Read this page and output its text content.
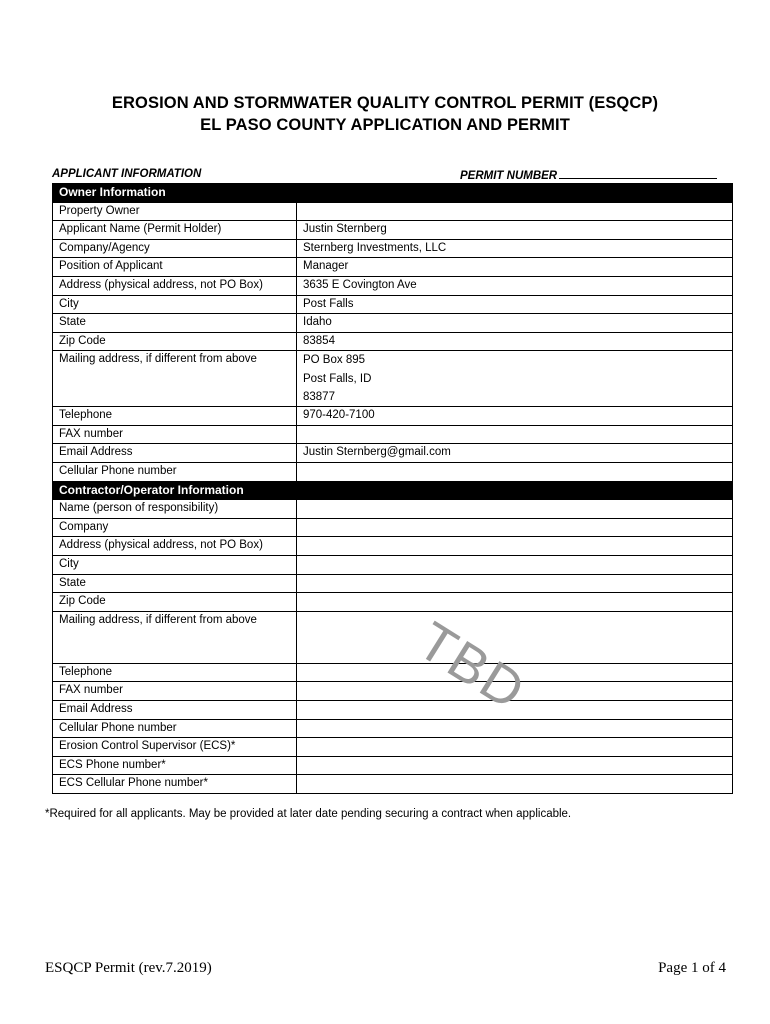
EROSION AND STORMWATER QUALITY CONTROL PERMIT (ESQCP)
EL PASO COUNTY APPLICATION AND PERMIT
APPLICANT INFORMATION	PERMIT NUMBER
Owner Information	
Property Owner	
Applicant Name (Permit Holder)	Justin Sternberg
Company/Agency	Sternberg Investments, LLC
Position of Applicant	Manager
Address (physical address, not PO Box)	3635 E Covington Ave
City	Post Falls
State	Idaho
Zip Code	83854
Mailing address, if different from above	PO Box 895
Post Falls, ID
83877

Telephone	970-420-7100
FAX number	
Email Address	Justin Sternberg@gmail.com
Cellular Phone number	
Contractor/Operator Information	
Name (person of responsibility)	
Company	
Address (physical address, not PO Box)	
City	
State	
Zip Code	
Mailing address, if different from above	
Telephone	
FAX number	
Email Address	
Cellular Phone number	
Erosion Control Supervisor (ECS)*	
ECS Phone number*	
ECS Cellular Phone number*	
TBD
*Required for all applicants. May be provided at later date pending securing a contract when applicable.
ESQCP Permit (rev.7.2019)	Page 1 of 4
